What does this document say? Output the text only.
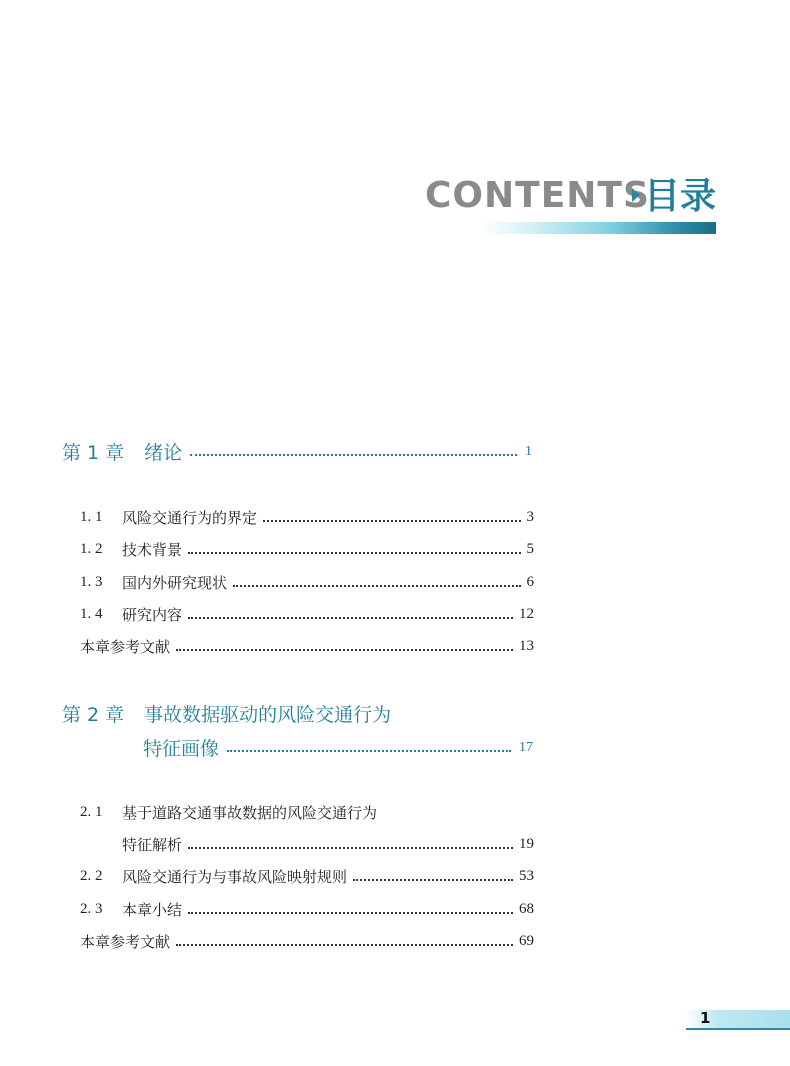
CONTENTS
目录
第 1 章 绪论	1
1. 1	风险交通行为的界定	3
1. 2	技术背景	5
1. 3	国内外研究现状	6
1. 4	研究内容	12
本章参考文献	13
第 2 章 事故数据驱动的风险交通行为
特征画像	17
2. 1	基于道路交通事故数据的风险交通行为
特征解析	19
2. 2	风险交通行为与事故风险映射规则	53
2. 3	本章小结	68
本章参考文献	69
1
